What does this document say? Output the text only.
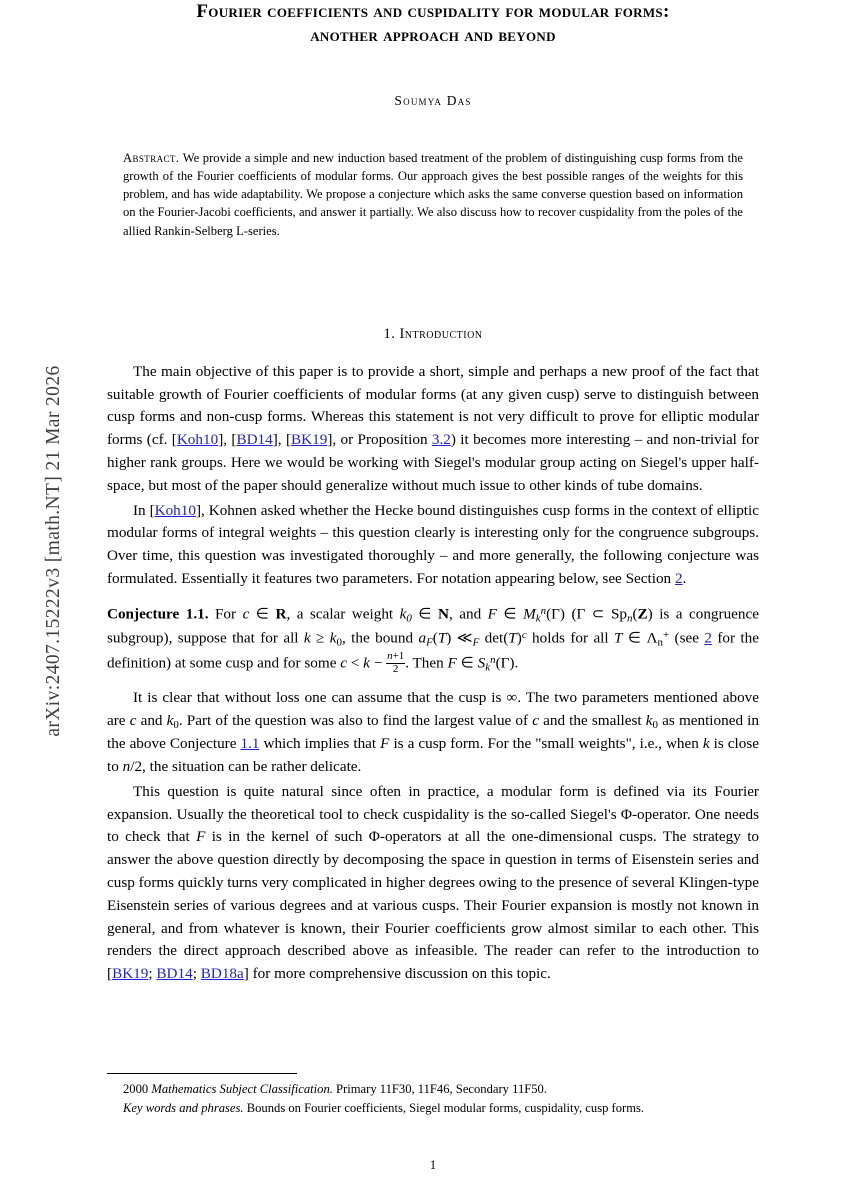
arXiv:2407.15222v3 [math.NT] 21 Mar 2026
Fourier coefficients and cuspidality for modular forms:
another approach and beyond
Soumya Das
Abstract. We provide a simple and new induction based treatment of the problem of distinguishing cusp forms from the growth of the Fourier coefficients of modular forms. Our approach gives the best possible ranges of the weights for this problem, and has wide adaptability. We propose a conjecture which asks the same converse question based on information on the Fourier-Jacobi coefficients, and answer it partially. We also discuss how to recover cuspidality from the poles of the allied Rankin-Selberg L-series.
1. Introduction

The main objective of this paper is to provide a short, simple and perhaps a new proof of the fact that suitable growth of Fourier coefficients of modular forms (at any given cusp) serve to distinguish between cusp forms and non-cusp forms. Whereas this statement is not very difficult to prove for elliptic modular forms (cf. [Koh10], [BD14], [BK19], or Proposition 3.2) it becomes more interesting – and non-trivial for higher rank groups. Here we would be working with Siegel's modular group acting on Siegel's upper half-space, but most of the paper should generalize without much issue to other kinds of tube domains.

In [Koh10], Kohnen asked whether the Hecke bound distinguishes cusp forms in the context of elliptic modular forms of integral weights – this question clearly is interesting only for the congruence subgroups. Over time, this question was investigated thoroughly – and more generally, the following conjecture was formulated. Essentially it features two parameters. For notation appearing below, see Section 2.

Conjecture 1.1. For c ∈ R, a scalar weight $k_0$ ∈ N, and F ∈ $M_k^n(\Gamma)$ (Γ ⊂ $Sp_n(Z)$ is a congruence subgroup), suppose that for all $k \ge k_0$, the bound $a_F(T)$ $≪_F$ $\det(T)^c$ holds for all T ∈ $\Lambda_n^+$ (see 2 for the definition) at some cusp and for some $c < k - \frac{n+1}{2}$ . Then F ∈ $S_k^n(\Gamma)$.

It is clear that without loss one can assume that the cusp is ∞. The two parameters mentioned above are c and $k_0$. Part of the question was also to find the largest value of c and the smallest $k_0$ as mentioned in the above Conjecture 1.1 which implies that F is a cusp form. For the "small weights", i.e., when k is close to n/2, the situation can be rather delicate.

This question is quite natural since often in practice, a modular form is defined via its Fourier expansion. Usually the theoretical tool to check cuspidality is the so-called Siegel's Φ-operator. One needs to check that F is in the kernel of such Φ-operators at all the one-dimensional cusps. The strategy to answer the above question directly by decomposing the space in question in terms of Eisenstein series and cusp forms quickly turns very complicated in higher degrees owing to the presence of several Klingen-type Eisenstein series of various degrees and at various cusps. Their Fourier expansion is mostly not known in general, and from whatever is known, their Fourier coefficients grow almost similar to each other. This renders the direct approach described above as infeasible. The reader can refer to the introduction to [BK19; BD14; BD18a] for more comprehensive discussion on this topic.

2000 Mathematics Subject Classification. Primary 11F30, 11F46, Secondary 11F50.
Key words and phrases. Bounds on Fourier coefficients, Siegel modular forms, cuspidality, cusp forms.
1
